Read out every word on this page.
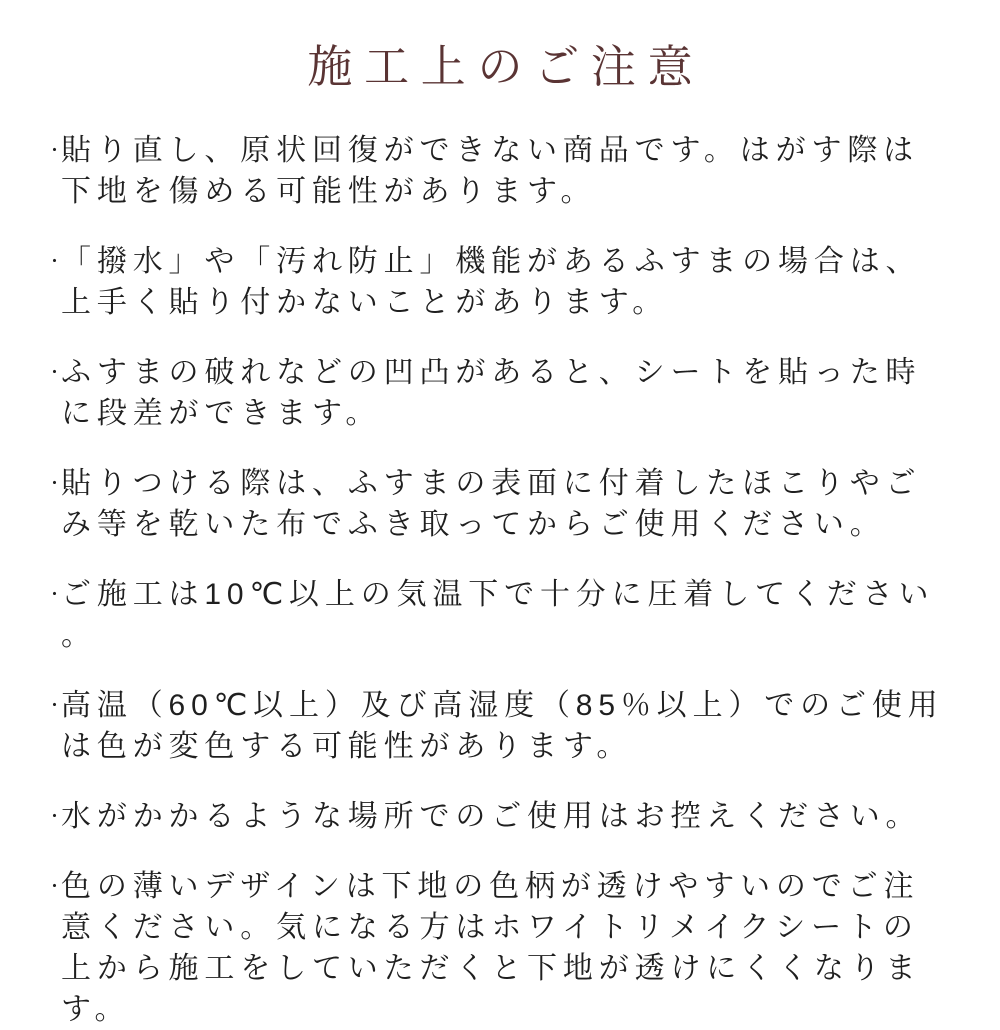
施工上のご注意
・

貼り直し、原状回復ができない商品です。はがす際は下地を傷める可能性があります。

・

「撥水」や「汚れ防止」機能があるふすまの場合は、上手く貼り付かないことがあります。

・

ふすまの破れなどの凹凸があると、シートを貼った時に段差ができます。

・

貼りつける際は、ふすまの表面に付着したほこりやごみ等を乾いた布でふき取ってからご使用ください。

・

ご施工は10℃以上の気温下で十分に圧着してください。

・

高温（60℃以上）及び高湿度（85％以上）でのご使用は色が変色する可能性があります。

・

水がかかるような場所でのご使用はお控えください。

・

色の薄いデザインは下地の色柄が透けやすいのでご注意ください。気になる方はホワイトリメイクシートの上から施工をしていただくと下地が透けにくくなります。
